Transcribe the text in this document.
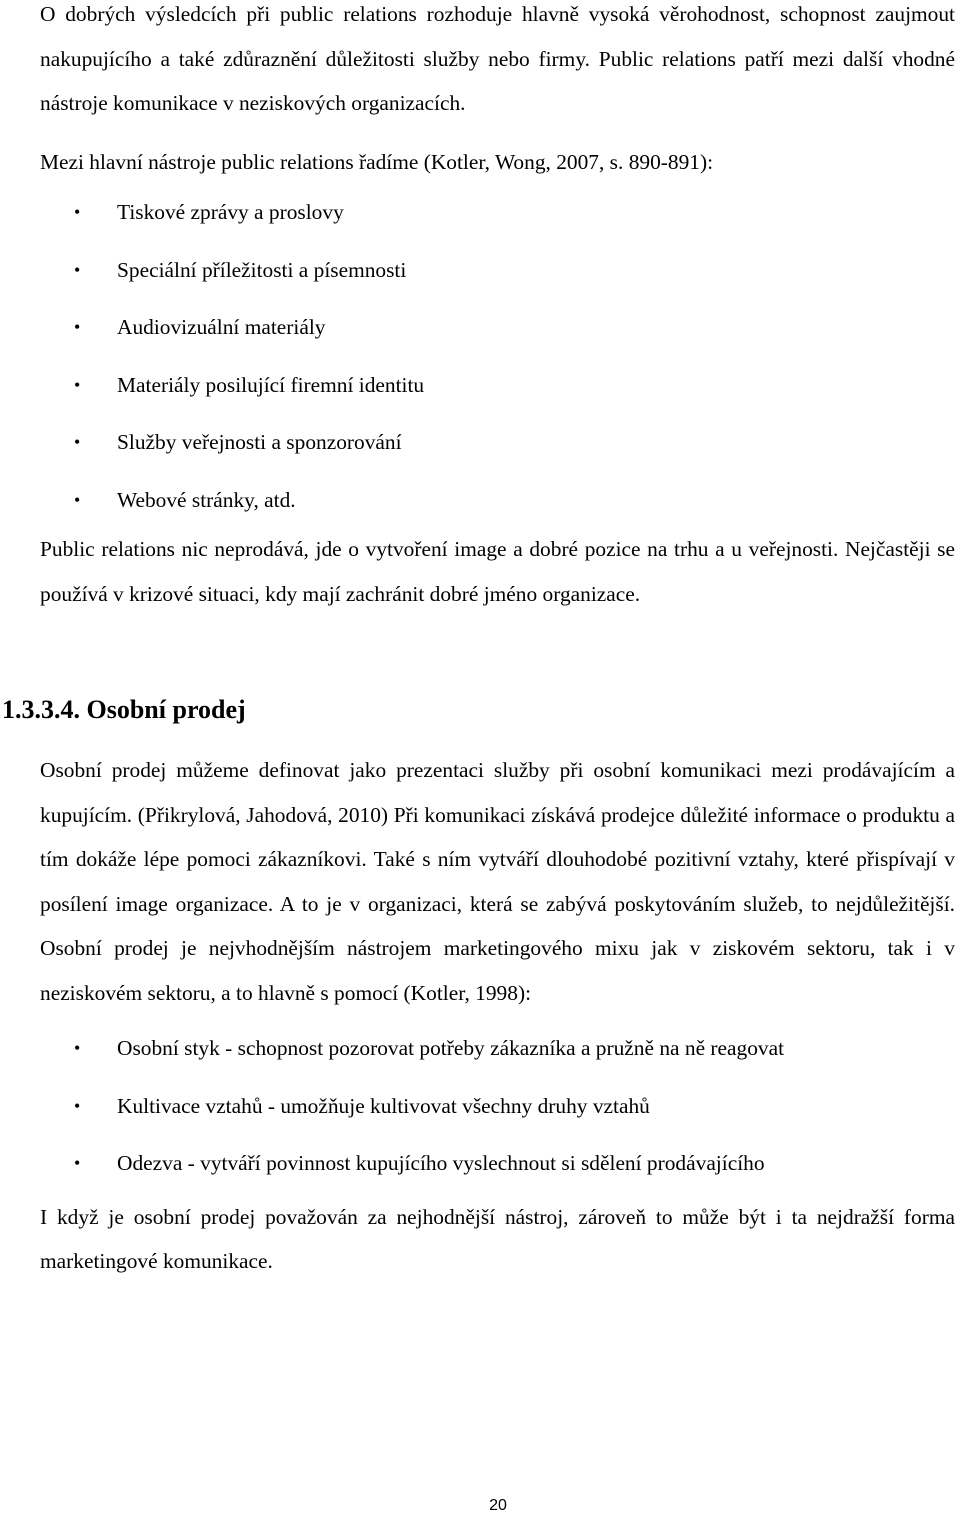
O dobrých výsledcích při public relations rozhoduje hlavně vysoká věrohodnost, schopnost zaujmout nakupujícího a také zdůraznění důležitosti služby nebo firmy. Public relations patří mezi další vhodné nástroje komunikace v neziskových organizacích.

Mezi hlavní nástroje public relations řadíme (Kotler, Wong, 2007, s. 890-891):

• Tiskové zprávy a proslovy
• Speciální příležitosti a písemnosti
• Audiovizuální materiály
• Materiály posilující firemní identitu
• Služby veřejnosti a sponzorování
• Webové stránky, atd.

Public relations nic neprodává, jde o vytvoření image a dobré pozice na trhu a u veřejnosti. Nejčastěji se používá v krizové situaci, kdy mají zachránit dobré jméno organizace.

1.3.3.4. Osobní prodej

Osobní prodej můžeme definovat jako prezentaci služby při osobní komunikaci mezi prodávajícím a kupujícím. (Přikrylová, Jahodová, 2010) Při komunikaci získává prodejce důležité informace o produktu a tím dokáže lépe pomoci zákazníkovi. Také s ním vytváří dlouhodobé pozitivní vztahy, které přispívají v posílení image organizace. A to je v organizaci, která se zabývá poskytováním služeb, to nejdůležitější. Osobní prodej je nejvhodnějším nástrojem marketingového mixu jak v ziskovém sektoru, tak i v neziskovém sektoru, a to hlavně s pomocí (Kotler, 1998):

• Osobní styk - schopnost pozorovat potřeby zákazníka a pružně na ně reagovat
• Kultivace vztahů - umožňuje kultivovat všechny druhy vztahů
• Odezva - vytváří povinnost kupujícího vyslechnout si sdělení prodávajícího

I když je osobní prodej považován za nejhodnější nástroj, zároveň to může být i ta nejdražší forma marketingové komunikace.

20
